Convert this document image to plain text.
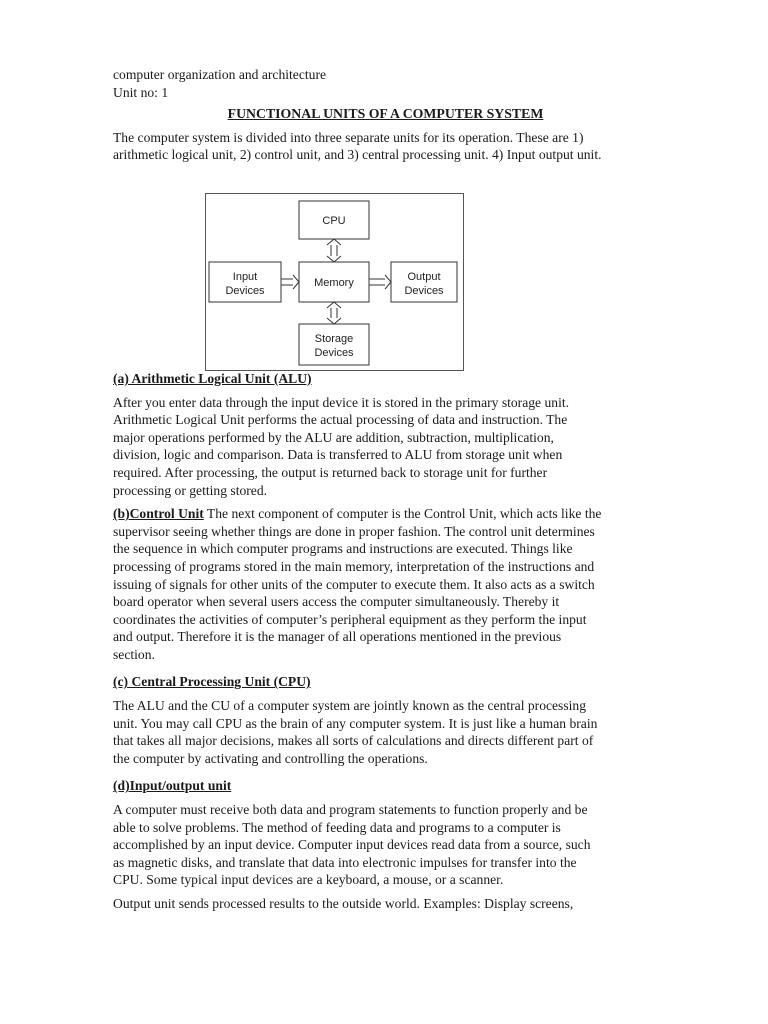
computer organization and architecture
Unit no: 1
FUNCTIONAL UNITS OF A COMPUTER SYSTEM

The computer system is divided into three separate units for its operation. These are 1)
arithmetic logical unit, 2) control unit, and 3) central processing unit. 4) Input output unit.

(a) Arithmetic Logical Unit (ALU)

After you enter data through the input device it is stored in the primary storage unit.
Arithmetic Logical Unit performs the actual processing of data and instruction. The
major operations performed by the ALU are addition, subtraction, multiplication,
division, logic and comparison. Data is transferred to ALU from storage unit when
required. After processing, the output is returned back to storage unit for further
processing or getting stored.

(b)Control Unit The next component of computer is the Control Unit, which acts like the
supervisor seeing whether things are done in proper fashion. The control unit determines
the sequence in which computer programs and instructions are executed. Things like
processing of programs stored in the main memory, interpretation of the instructions and
issuing of signals for other units of the computer to execute them. It also acts as a switch
board operator when several users access the computer simultaneously. Thereby it
coordinates the activities of computer’s peripheral equipment as they perform the input
and output. Therefore it is the manager of all operations mentioned in the previous
section.

(c) Central Processing Unit (CPU)

The ALU and the CU of a computer system are jointly known as the central processing
unit. You may call CPU as the brain of any computer system. It is just like a human brain
that takes all major decisions, makes all sorts of calculations and directs different part of
the computer by activating and controlling the operations.

(d)Input/output unit

A computer must receive both data and program statements to function properly and be
able to solve problems. The method of feeding data and programs to a computer is
accomplished by an input device. Computer input devices read data from a source, such
as magnetic disks, and translate that data into electronic impulses for transfer into the
CPU. Some typical input devices are a keyboard, a mouse, or a scanner.

Output unit sends processed results to the outside world. Examples: Display screens,

CPU
Memory
Input
Devices
Output
Devices
Storage
Devices
